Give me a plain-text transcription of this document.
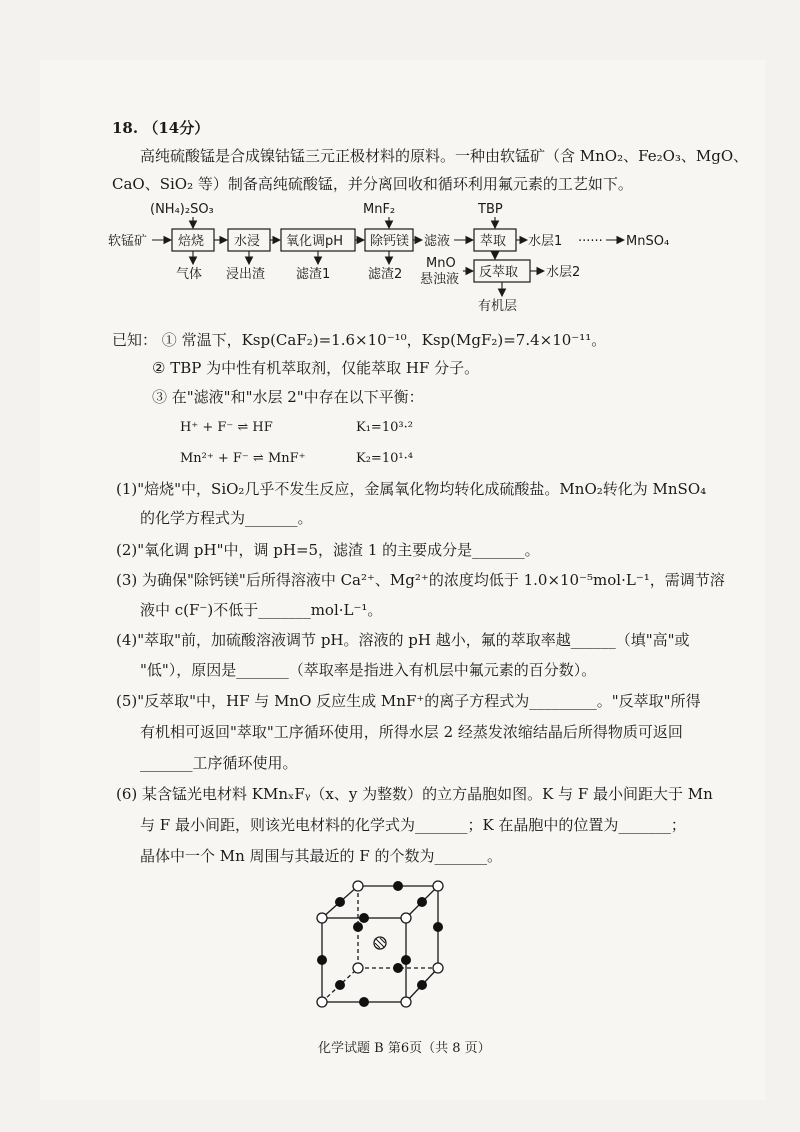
18. （14分）
高纯硫酸锰是合成镍钴锰三元正极材料的原料。一种由软锰矿（含 MnO₂、Fe₂O₃、MgO、
CaO、SiO₂ 等）制备高纯硫酸锰，并分离回收和循环利用氟元素的工艺如下。
软锰矿
(NH₄)₂SO₃	MnF₂	TBP
焙烧 水浸 氧化调pH 除钙镁 滤液 萃取 水层1 ······ MnSO₄
气体 浸出渣 滤渣1	滤渣2
MnO
悬浊液 反萃取 水层2
有机层
已知： ① 常温下，Ksp(CaF₂)=1.6×10⁻¹⁰，Ksp(MgF₂)=7.4×10⁻¹¹。
② TBP 为中性有机萃取剂，仅能萃取 HF 分子。
③ 在"滤液"和"水层 2"中存在以下平衡：
H⁺ + F⁻ ⇌ HF	K₁=10³·²
Mn²⁺ + F⁻ ⇌ MnF⁺	K₂=10¹·⁴
(1)"焙烧"中，SiO₂几乎不发生反应，金属氧化物均转化成硫酸盐。MnO₂转化为 MnSO₄
的化学方程式为_______。
(2)"氧化调 pH"中，调 pH=5，滤渣 1 的主要成分是_______。
(3) 为确保"除钙镁"后所得溶液中 Ca²⁺、Mg²⁺的浓度均低于 1.0×10⁻⁵mol·L⁻¹，需调节溶
液中 c(F⁻)不低于_______mol·L⁻¹。
(4)"萃取"前，加硫酸溶液调节 pH。溶液的 pH 越小，氟的萃取率越______（填"高"或
"低"），原因是_______（萃取率是指进入有机层中氟元素的百分数）。
(5)"反萃取"中，HF 与 MnO 反应生成 MnF⁺的离子方程式为_________。"反萃取"所得
有机相可返回"萃取"工序循环使用，所得水层 2 经蒸发浓缩结晶后所得物质可返回
_______工序循环使用。
(6) 某含锰光电材料 KMnₓFᵧ（x、y 为整数）的立方晶胞如图。K 与 F 最小间距大于 Mn
与 F 最小间距，则该光电材料的化学式为_______；K 在晶胞中的位置为_______；
晶体中一个 Mn 周围与其最近的 F 的个数为_______。
化学试题 B 第6页（共 8 页）
